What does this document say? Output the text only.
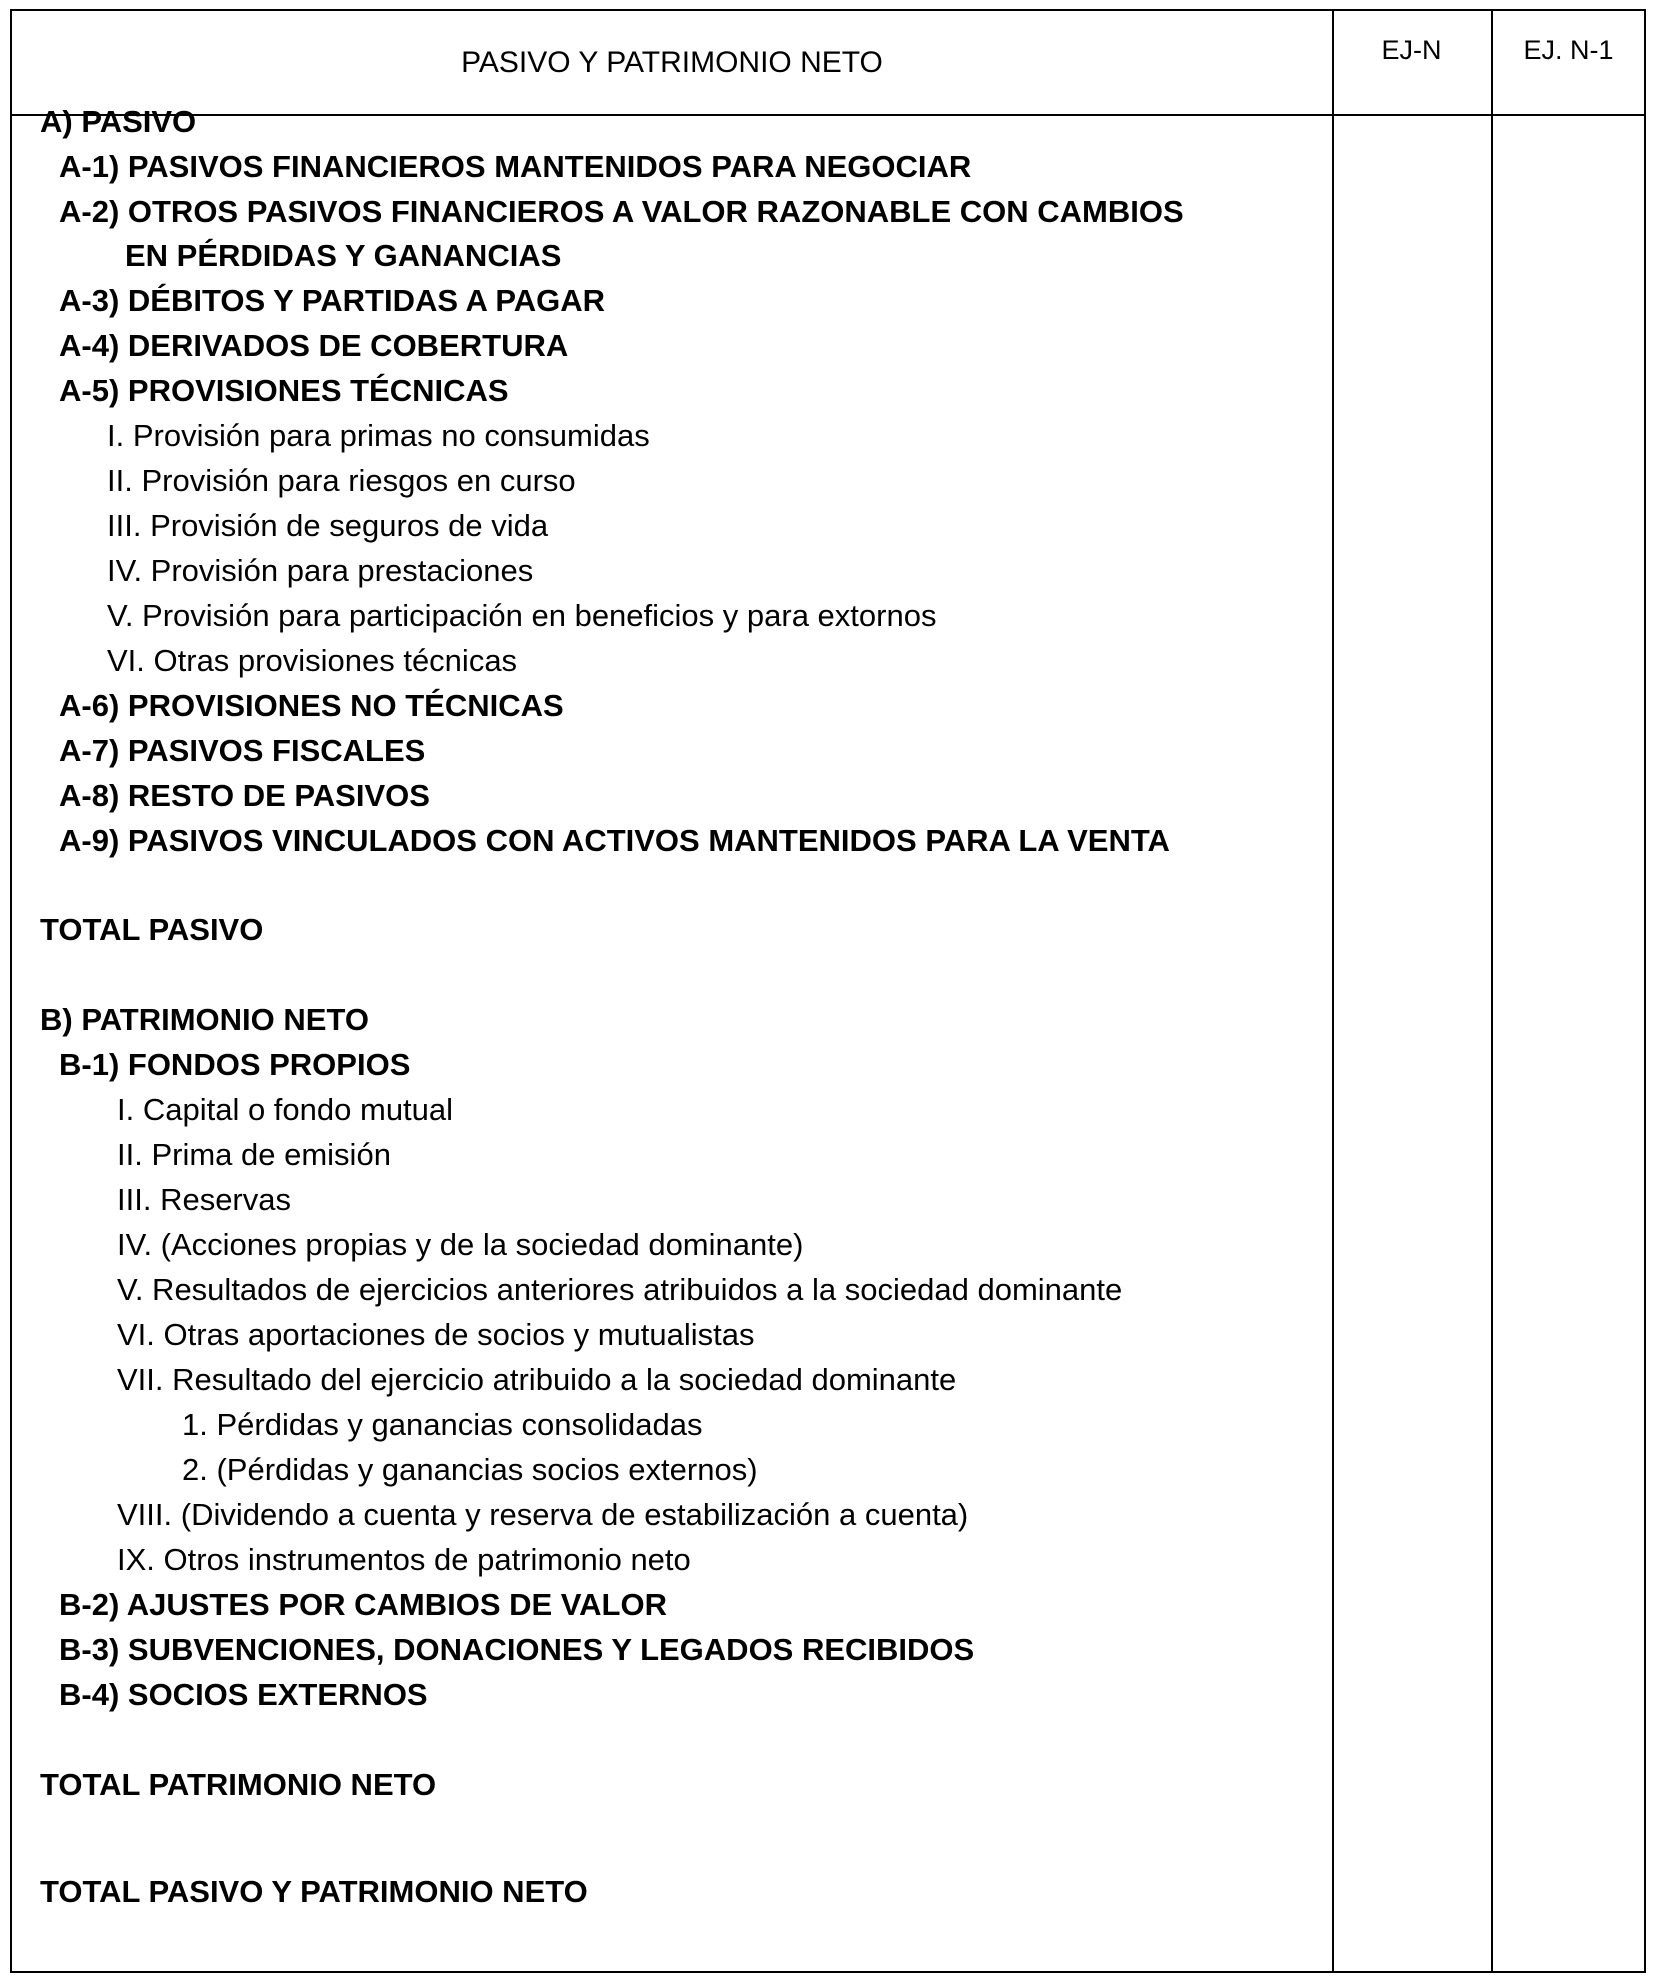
PASIVO Y PATRIMONIO NETO	EJ-N	EJ. N-1
A) PASIVO
A-1) PASIVOS FINANCIEROS MANTENIDOS PARA NEGOCIAR
A-2) OTROS PASIVOS FINANCIEROS A VALOR RAZONABLE CON CAMBIOS
EN PÉRDIDAS Y GANANCIAS
A-3) DÉBITOS Y PARTIDAS A PAGAR
A-4) DERIVADOS DE COBERTURA
A-5) PROVISIONES TÉCNICAS
I. Provisión para primas no consumidas
II. Provisión para riesgos en curso
III. Provisión de seguros de vida
IV. Provisión para prestaciones
V. Provisión para participación en beneficios y para extornos
VI. Otras provisiones técnicas
A-6) PROVISIONES NO TÉCNICAS
A-7) PASIVOS FISCALES
A-8) RESTO DE PASIVOS
A-9) PASIVOS VINCULADOS CON ACTIVOS MANTENIDOS PARA LA VENTA
TOTAL PASIVO
B) PATRIMONIO NETO
B-1) FONDOS PROPIOS
I. Capital o fondo mutual
II. Prima de emisión
III. Reservas
IV. (Acciones propias y de la sociedad dominante)
V. Resultados de ejercicios anteriores atribuidos a la sociedad dominante
VI. Otras aportaciones de socios y mutualistas
VII. Resultado del ejercicio atribuido a la sociedad dominante
1. Pérdidas y ganancias consolidadas
2. (Pérdidas y ganancias socios externos)
VIII. (Dividendo a cuenta y reserva de estabilización a cuenta)
IX. Otros instrumentos de patrimonio neto
B-2) AJUSTES POR CAMBIOS DE VALOR
B-3) SUBVENCIONES, DONACIONES Y LEGADOS RECIBIDOS
B-4) SOCIOS EXTERNOS
TOTAL PATRIMONIO NETO
TOTAL PASIVO Y PATRIMONIO NETO
